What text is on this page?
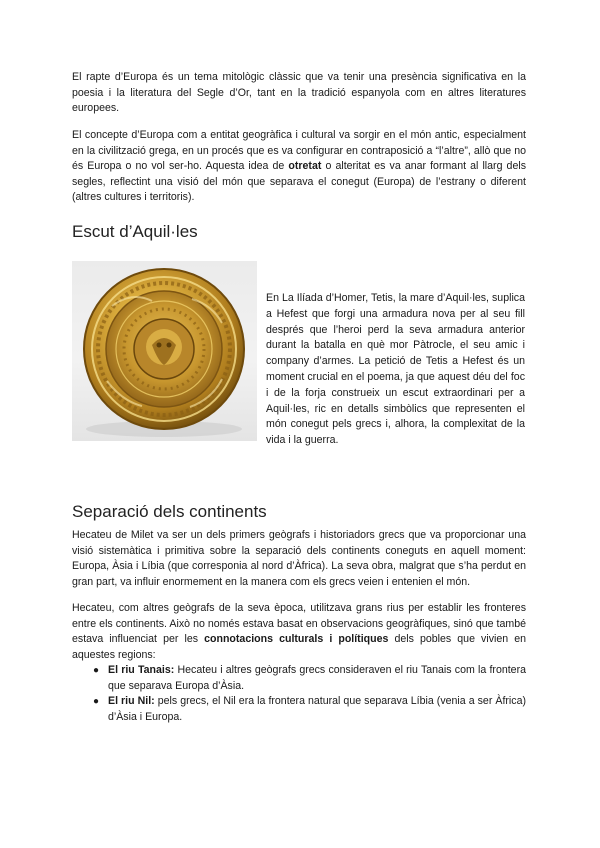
El rapte d’Europa és un tema mitològic clàssic que va tenir una presència significativa en la poesia i la literatura del Segle d’Or, tant en la tradició espanyola com en altres literatures europees.

El concepte d’Europa com a entitat geogràfica i cultural va sorgir en el món antic, especialment en la civilització grega, en un procés que es va configurar en contraposició a “l’altre”, allò que no és Europa o no vol ser-ho. Aquesta idea de otretat o alteritat es va anar formant al llarg dels segles, reflectint una visió del món que separava el conegut (Europa) de l’estrany o diferent (altres cultures i territoris).

Escut d’Aquil·les

En La Ilíada d’Homer, Tetis, la mare d’Aquil·les, suplica a Hefest que forgi una armadura nova per al seu fill després que l’heroi perd la seva armadura anterior durant la batalla en què mor Pàtrocle, el seu amic i company d’armes. La petició de Tetis a Hefest és un moment crucial en el poema, ja que aquest déu del foc i de la forja construeix un escut extraordinari per a Aquil·les, ric en detalls simbòlics que representen el món conegut pels grecs i, alhora, la complexitat de la vida i la guerra.

Separació dels continents

Hecateu de Milet va ser un dels primers geògrafs i historiadors grecs que va proporcionar una visió sistemàtica i primitiva sobre la separació dels continents coneguts en aquell moment: Europa, Àsia i Líbia (que corresponia al nord d’Àfrica). La seva obra, malgrat que s’ha perdut en gran part, va influir enormement en la manera com els grecs veien i entenien el món.

Hecateu, com altres geògrafs de la seva època, utilitzava grans rius per establir les fronteres entre els continents. Això no només estava basat en observacions geogràfiques, sinó que també estava influenciat per les connotacions culturals i polítiques dels pobles que vivien en aquestes regions:

● El riu Tanais: Hecateu i altres geògrafs grecs consideraven el riu Tanais com la frontera que separava Europa d’Àsia.
● El riu Nil: pels grecs, el Nil era la frontera natural que separava Líbia (venia a ser Àfrica) d’Àsia i Europa.
